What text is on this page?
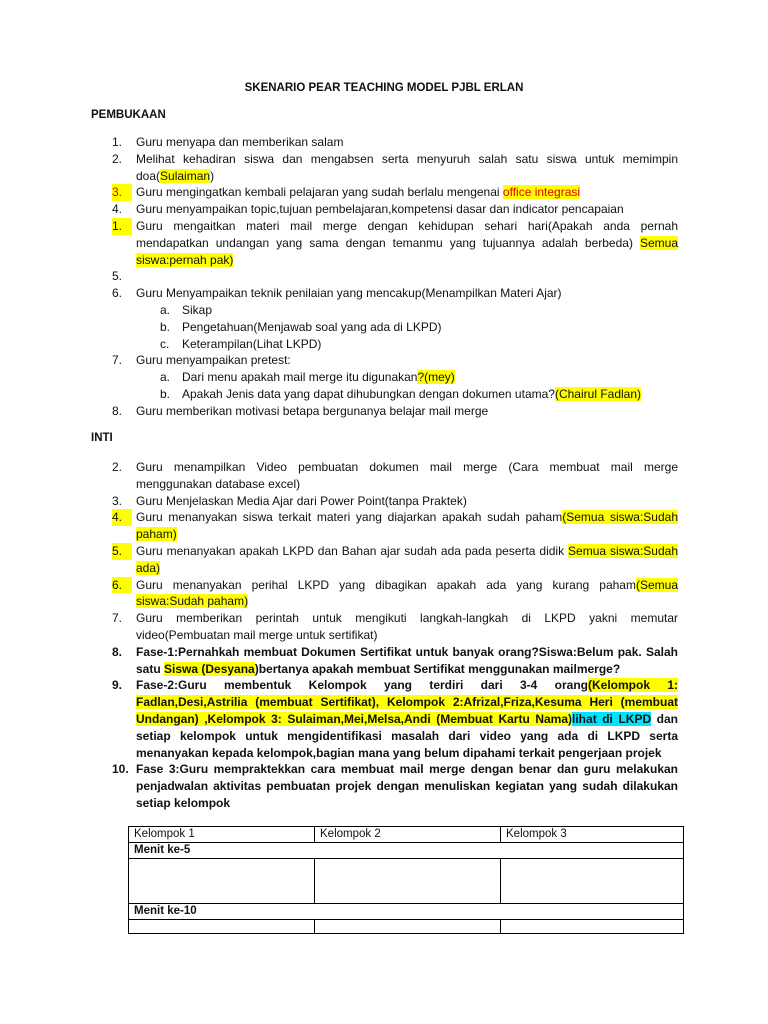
SKENARIO PEAR TEACHING MODEL PJBL ERLAN
PEMBUKAAN
1.	Guru menyapa dan memberikan salam
2.	Melihat kehadiran siswa dan mengabsen serta menyuruh salah satu siswa untuk memimpin doa(Sulaiman)
3.	Guru mengingatkan kembali pelajaran yang sudah berlalu mengenai office integrasi
4.	Guru menyampaikan topic,tujuan pembelajaran,kompetensi dasar dan indicator pencapaian
1.	Guru mengaitkan materi mail merge dengan kehidupan sehari hari(Apakah anda pernah mendapatkan undangan yang sama dengan temanmu yang tujuannya adalah berbeda) Semua siswa:pernah pak)
5.
6.	Guru Menyampaikan teknik penilaian yang mencakup(Menampilkan Materi Ajar)
a. Sikap
b. Pengetahuan(Menjawab soal yang ada di LKPD)
c. Keterampilan(Lihat LKPD)
7.	Guru menyampaikan pretest:
a. Dari menu apakah mail merge itu digunakan?(mey)
b. Apakah Jenis data yang dapat dihubungkan dengan dokumen utama?(Chairul Fadlan)
8.	Guru memberikan motivasi betapa bergunanya belajar mail merge
INTI
2.	Guru menampilkan Video pembuatan dokumen mail merge (Cara membuat mail merge menggunakan database excel)
3.	Guru Menjelaskan Media Ajar dari Power Point(tanpa Praktek)
4.	Guru menanyakan siswa terkait materi yang diajarkan apakah sudah paham(Semua siswa:Sudah paham)
5.	Guru menanyakan apakah LKPD dan Bahan ajar sudah ada pada peserta didik Semua siswa:Sudah ada)
6.	Guru menanyakan perihal LKPD yang dibagikan apakah ada yang kurang paham(Semua siswa:Sudah paham)
7.	Guru memberikan perintah untuk mengikuti langkah-langkah di LKPD yakni memutar video(Pembuatan mail merge untuk sertifikat)
8.	Fase-1:Pernahkah membuat Dokumen Sertifikat untuk banyak orang?Siswa:Belum pak. Salah satu Siswa (Desyana)bertanya apakah membuat Sertifikat menggunakan mailmerge?
9.	Fase-2:Guru membentuk Kelompok yang terdiri dari 3-4 orang(Kelompok 1: Fadlan,Desi,Astrilia (membuat Sertifikat), Kelompok 2:Afrizal,Friza,Kesuma Heri (membuat Undangan) ,Kelompok 3: Sulaiman,Mei,Melsa,Andi (Membuat Kartu Nama)lihat di LKPD dan setiap kelompok untuk mengidentifikasi masalah dari video yang ada di LKPD serta menanyakan kepada kelompok,bagian mana yang belum dipahami terkait pengerjaan projek
10. Fase 3:Guru mempraktekkan cara membuat mail merge dengan benar dan guru melakukan penjadwalan aktivitas pembuatan projek dengan menuliskan kegiatan yang sudah dilakukan setiap kelompok
Kelompok 1	Kelompok 2	Kelompok 3
Menit ke-5		

Menit ke-10		
